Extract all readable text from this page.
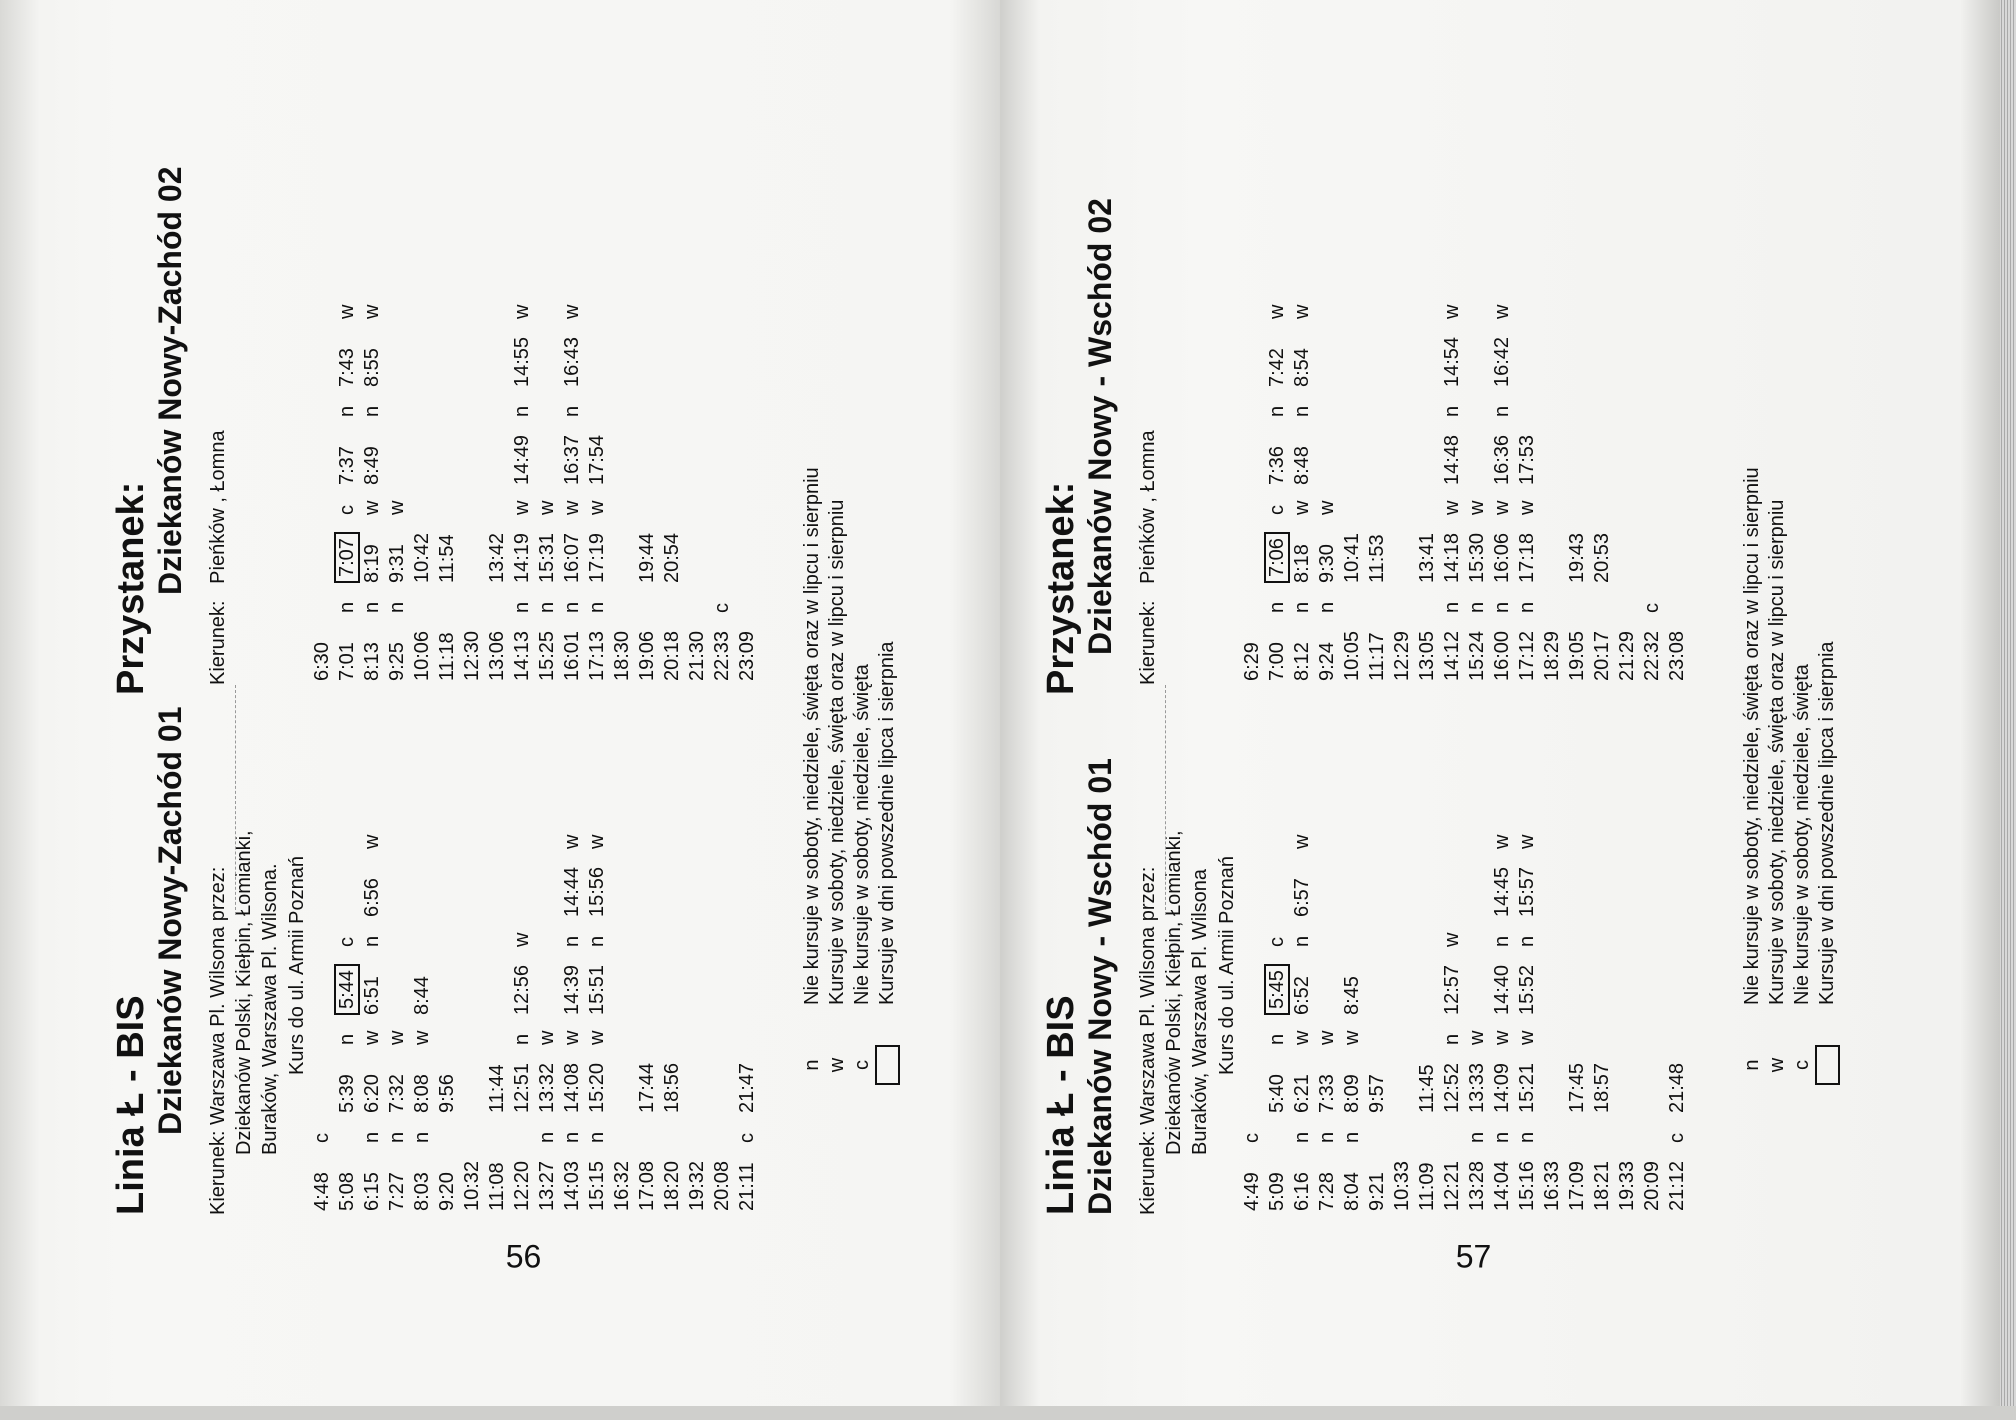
Linia Ł - BIS
Przystanek:
Dziekanów Nowy-Zachód 01 Kierunek: Warszawa Pl. Wilsona przez: Dziekanów Polski, Kiełpin, Łomianki, Buraków, Warszawa Pl. Wilsona. Kurs do ul. Armii Poznań
4:48	c						
5:08		5:39	n	5:44	c		
6:15	n	6:20	w	6:51	n	6:56	w
7:27	n	7:32	w				
8:03	n	8:08	w	8:44			
9:20		9:56					
10:32							
11:08		11:44					
12:20		12:51	n	12:56	w		
13:27	n	13:32	w				
14:03	n	14:08	w	14:39	n	14:44	w
15:15	n	15:20	w	15:51	n	15:56	w
16:32							
17:08		17:44					
18:20		18:56					
19:32							
20:08							
21:11	c	21:47					
Dziekanów Nowy-Zachód 02 Kierunek:   Pieńków , Łomna	6:30							
7:01	n	7:07	c	7:37	n	7:43	w
8:13	n	8:19	w	8:49	n	8:55	w
9:25	n	9:31	w				
10:06		10:42					
11:18		11:54					
12:30							
13:06		13:42					
14:13	n	14:19	w	14:49	n	14:55	w
15:25	n	15:31	w				
16:01	n	16:07	w	16:37	n	16:43	w
17:13	n	17:19	w	17:54			
18:30							
19:06		19:44					
20:18		20:54					
21:30							
22:33	c						
23:09							
n
Nie kursuje w soboty, niedziele, święta oraz w lipcu i sierpniu
w
Kursuje w soboty, niedziele, święta oraz w lipcu i sierpniu
c
Nie kursuje w soboty, niedziele, święta Kursuje w dni powszednie lipca i sierpnia
56
Linia Ł - BIS
Przystanek:
Dziekanów Nowy - Wschód 01 Kierunek: Warszawa Pl. Wilsona przez: Dziekanów Polski, Kiełpin, Łomianki, Buraków, Warszawa Pl. Wilsona Kurs do ul. Armii Poznań
4:49	c						
5:09		5:40	n	5:45	c		
6:16	n	6:21	w	6:52	n	6:57	w
7:28	n	7:33	w				
8:04	n	8:09	w	8:45			
9:21		9:57					
10:33							
11:09		11:45					
12:21		12:52	n	12:57	w		
13:28	n	13:33	w				
14:04	n	14:09	w	14:40	n	14:45	w
15:16	n	15:21	w	15:52	n	15:57	w
16:33							
17:09		17:45					
18:21		18:57					
19:33							
20:09							
21:12	c	21:48					
Dziekanów Nowy - Wschód 02 Kierunek:   Pieńków , Łomna	6:29							
7:00	n	7:06	c	7:36	n	7:42	w
8:12	n	8:18	w	8:48	n	8:54	w
9:24	n	9:30	w				
10:05		10:41					
11:17		11:53					
12:29							
13:05		13:41					
14:12	n	14:18	w	14:48	n	14:54	w
15:24	n	15:30	w				
16:00	n	16:06	w	16:36	n	16:42	w
17:12	n	17:18	w	17:53			
18:29							
19:05		19:43					
20:17		20:53					
21:29							
22:32	c						
23:08							
n
Nie kursuje w soboty, niedziele, święta oraz w lipcu i sierpniu
w
Kursuje w soboty, niedziele, święta oraz w lipcu i sierpniu
c
Nie kursuje w soboty, niedziele, święta Kursuje w dni powszednie lipca i sierpnia
57
